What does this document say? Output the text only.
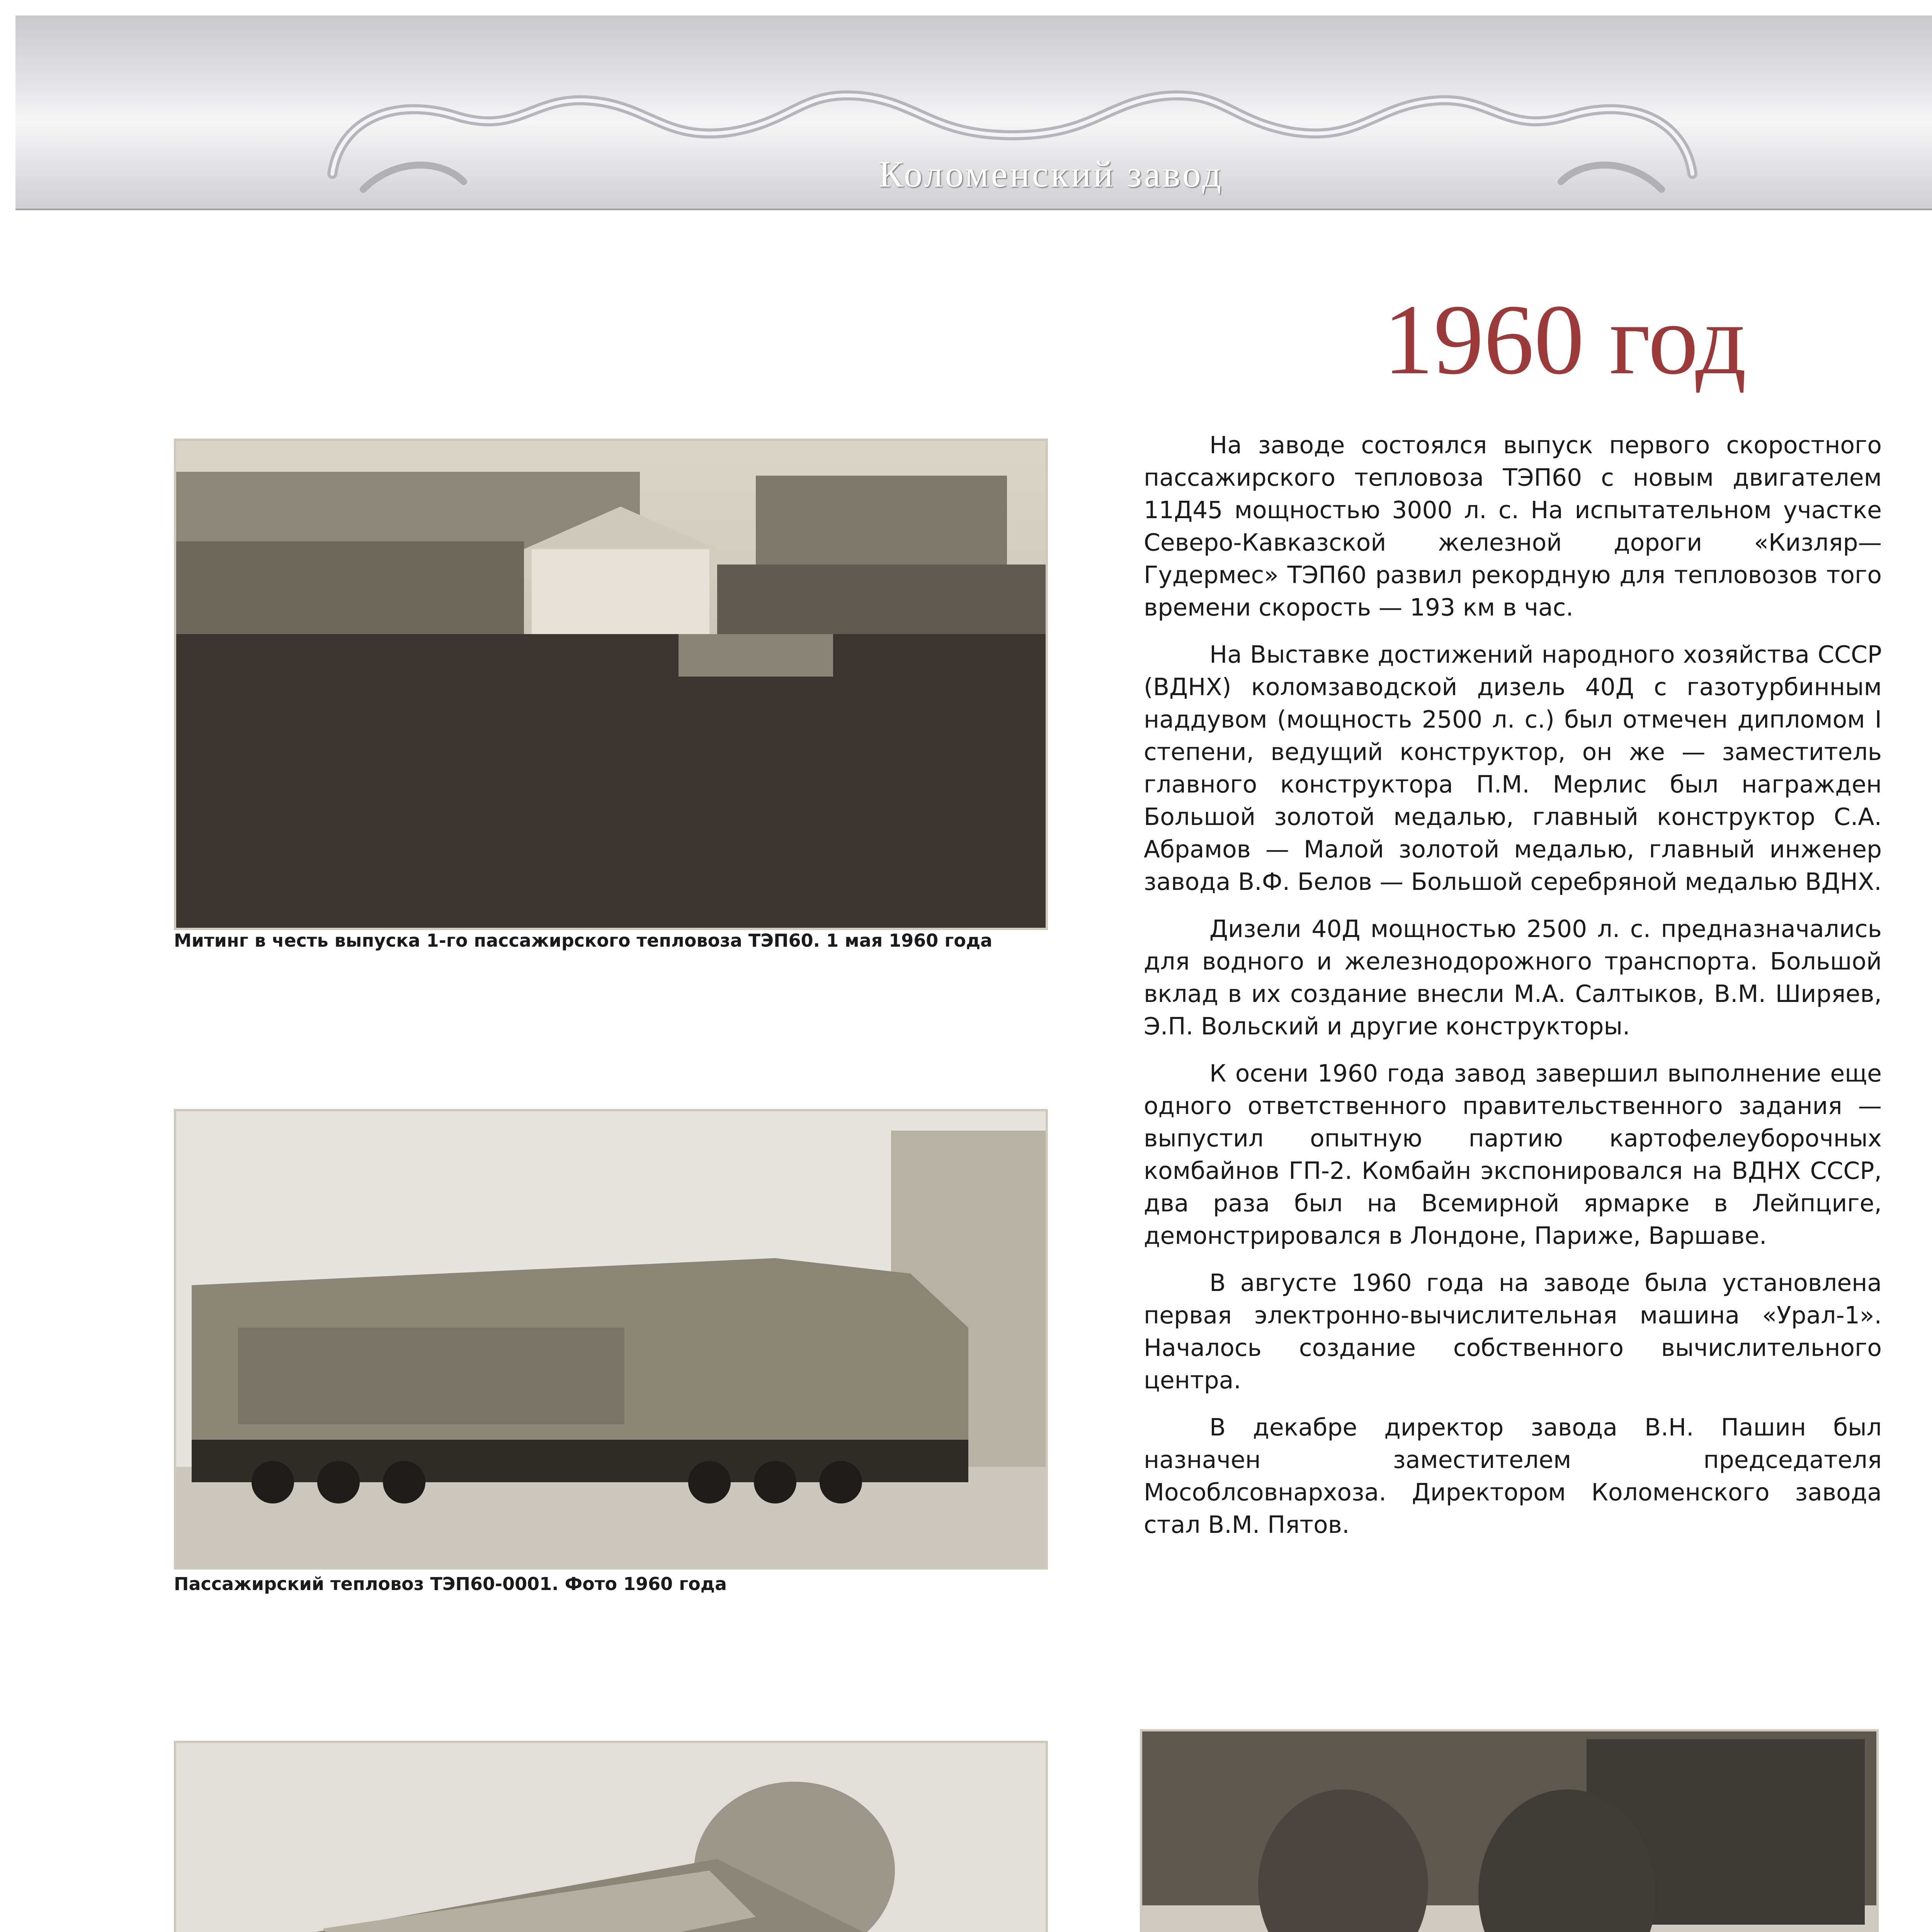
Коломенский завод
1960 год
Митинг в честь выпуска 1-го пассажирского тепловоза ТЭП60. 1 мая 1960 года
Пассажирский тепловоз ТЭП60-0001. Фото 1960 года

На заводе состоялся выпуск первого скоростного пассажирского тепловоза ТЭП60 с новым двигателем 11Д45 мощностью 3000 л. с. На испытательном участке Северо-Кавказской железной дороги «Кизляр—Гудермес» ТЭП60 развил рекордную для тепловозов того времени скорость — 193 км в час.

На Выставке достижений народного хозяйства СССР (ВДНХ) коломзаводской дизель 40Д с газотурбинным наддувом (мощность 2500 л. с.) был отмечен дипломом I степени, ведущий конструктор, он же — заместитель главного конструктора П.М. Мерлис был награжден Большой золотой медалью, главный конструктор С.А. Абрамов — Малой золотой медалью, главный инженер завода В.Ф. Белов — Большой серебряной медалью ВДНХ.

Дизели 40Д мощностью 2500 л. с. предназначались для водного и железнодорожного транспорта. Большой вклад в их создание внесли М.А. Салтыков, В.М. Ширяев, Э.П. Вольский и другие конструкторы.

К осени 1960 года завод завершил выполнение еще одного ответственного правительственного задания — выпустил опытную партию картофелеуборочных комбайнов ГП-2. Комбайн экспонировался на ВДНХ СССР, два раза был на Всемирной ярмарке в Лейпциге, демонстрировался в Лондоне, Париже, Варшаве.

В августе 1960 года на заводе была установлена первая электронно-вычислительная машина «Урал-1». Началось создание собственного вычислительного центра.

В декабре директор завода В.Н. Пашин был назначен заместителем председателя Мособлсовнархоза. Директором Коломенского завода стал В.М. Пятов.
